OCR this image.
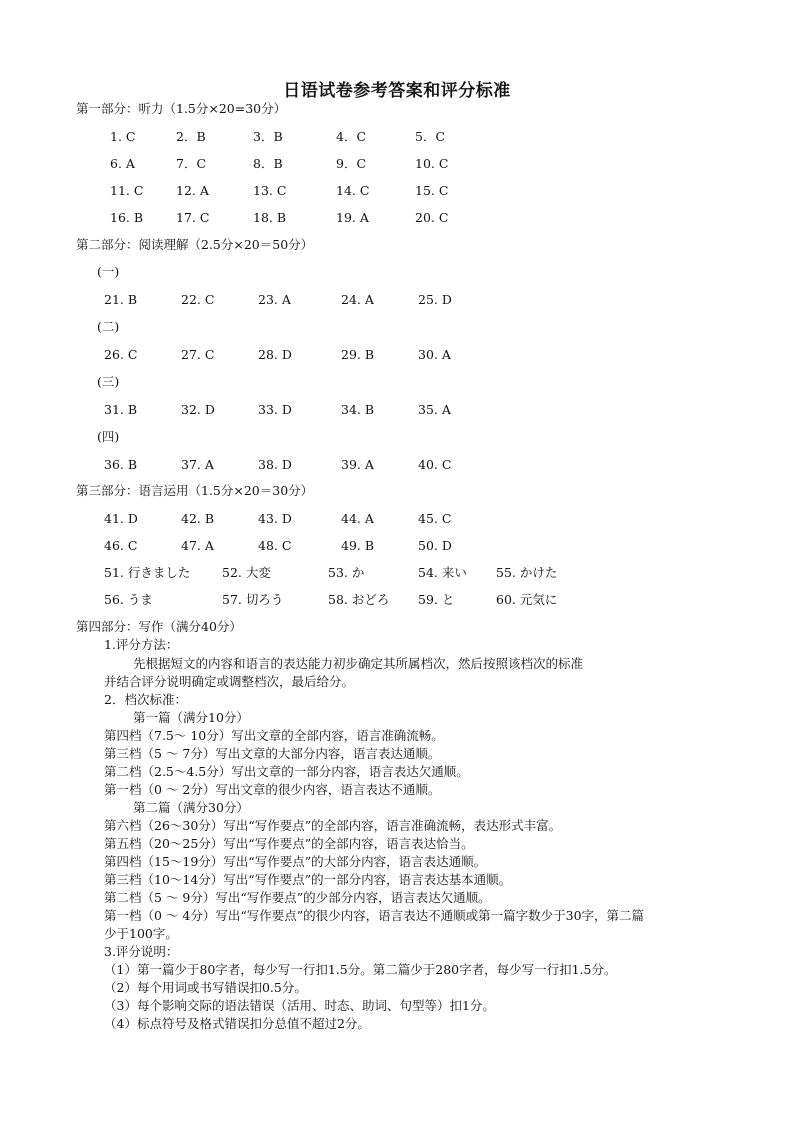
日语试卷参考答案和评分标准
第一部分：听力（1.5分×20=30分）
1. C	2．B	3．B	4．C	5．C
6. A	7．C	8．B	9．C	10. C
11. C	12. A	13. C	14. C	15. C
16. B	17. C	18. B	19. A	20. C
第二部分：阅读理解（2.5分×20＝50分）
(一)
21. B	22. C	23. A	24. A	25. D
(二)
26. C	27. C	28. D	29. B	30. A
(三)
31. B	32. D	33. D	34. B	35. A
(四)
36. B	37. A	38. D	39. A	40. C
第三部分：语言运用（1.5分×20＝30分）
41. D	42. B	43. D	44. A	45. C
46. C	47. A	48. C	49. B	50. D
51. 行きました	52. 大変	53. か	54. 来い 55. かけた
56. うま	57. 切ろう	58. おどろ 59. と	60. 元気に
第四部分：写作（满分40分）
1.评分方法：
先根据短文的内容和语言的表达能力初步确定其所属档次，然后按照该档次的标准
并结合评分说明确定或调整档次，最后给分。
2．档次标准：
第一篇（满分10分）
第四档（7.5～ 10分）写出文章的全部内容，语言准确流畅。
第三档（5 ～ 7分）写出文章的大部分内容，语言表达通顺。
第二档（2.5～4.5分）写出文章的一部分内容，语言表达欠通顺。
第一档（0 ～ 2分）写出文章的很少内容，语言表达不通顺。
第二篇（满分30分）
第六档（26～30分）写出“写作要点”的全部内容，语言准确流畅，表达形式丰富。
第五档（20～25分）写出“写作要点”的全部内容，语言表达恰当。
第四档（15～19分）写出“写作要点”的大部分内容，语言表达通顺。
第三档（10～14分）写出“写作要点”的一部分内容，语言表达基本通顺。
第二档（5 ～ 9分）写出“写作要点”的少部分内容，语言表达欠通顺。
第一档（0 ～ 4分）写出“写作要点”的很少内容，语言表达不通顺或第一篇字数少于30字，第二篇
少于100字。
3.评分说明：
（1）第一篇少于80字者，每少写一行扣1.5分。第二篇少于280字者，每少写一行扣1.5分。
（2）每个用词或书写错误扣0.5分。
（3）每个影响交际的语法错误（活用、时态、助词、句型等）扣1分。
（4）标点符号及格式错误扣分总值不超过2分。
